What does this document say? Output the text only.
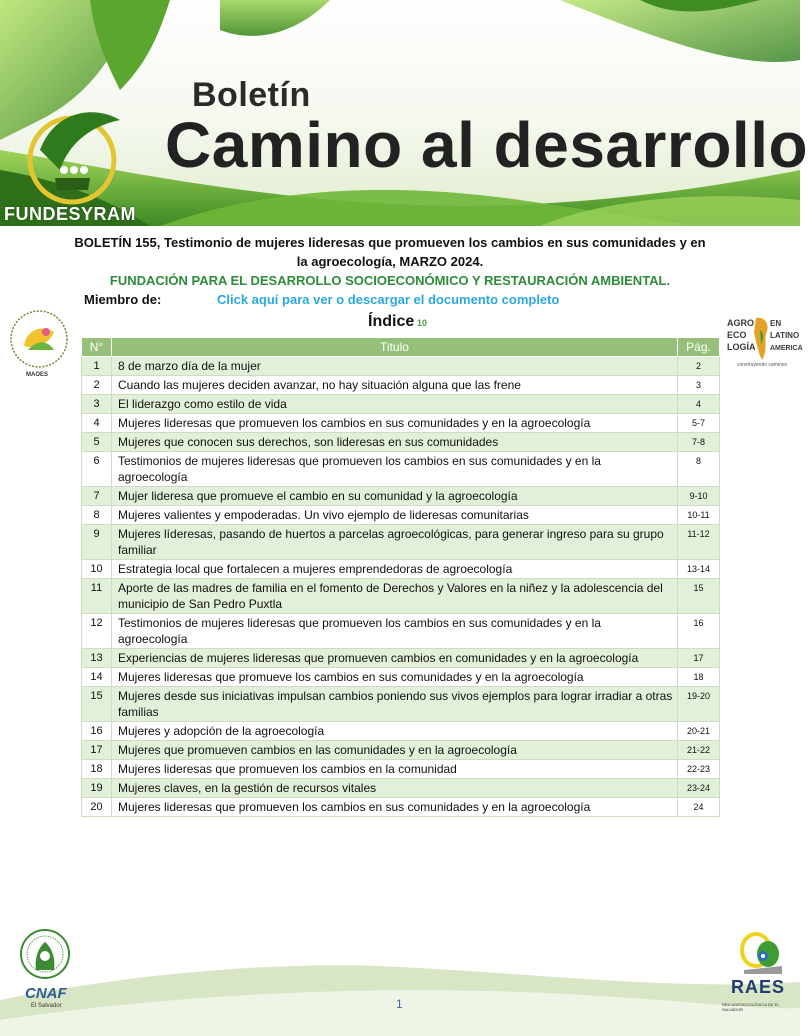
Boletín
Camino al desarrollo
FUNDESYRAM
BOLETÍN 155, Testimonio de mujeres lideresas que promueven los cambios en sus comunidades y en
la agroecología, MARZO 2024.
FUNDACIÓN PARA EL DESARROLLO SOCIOECONÓMICO Y RESTAURACIÓN AMBIENTAL.
Miembro de:	Click aquí para ver o descargar el documento completo
Índice 10
MAOES
AGRO
ECO
LOGÍA
EN
LATINO
AMERICA
construyendo caminos
N°	Titulo	Pág.
1	8 de marzo día de la mujer	2
2	Cuando las mujeres deciden avanzar, no hay situación alguna que las frene	3
3	El liderazgo como estilo de vida	4
4	Mujeres lideresas que promueven los cambios en sus comunidades y en la agroecología	5-7
5	Mujeres que conocen sus derechos, son lideresas en sus comunidades	7-8
6	Testimonios de mujeres lideresas que promueven los cambios en sus comunidades y en la agroecología	8
7	Mujer lideresa que promueve el cambio en su comunidad y la agroecología	9-10
8	Mujeres valientes y empoderadas. Un vivo ejemplo de lideresas comunitarias	10-11
9	Mujeres líderesas, pasando de huertos a parcelas agroecológicas, para generar ingreso para su grupo familiar	11-12
10	Estrategia local que fortalecen a mujeres emprendedoras de agroecología	13-14
11	Aporte de las madres de familia en el fomento de Derechos y Valores en la niñez y la adolescencia del municipio de San Pedro Puxtla	15
12	Testimonios de mujeres lideresas que promueven los cambios en sus comunidades y en la agroecología	16
13	Experiencias de mujeres lideresas que promueven cambios en comunidades y en la agroecología	17
14	Mujeres lideresas que promueve los cambios en sus comunidades y en la agroecología	18
15	Mujeres desde sus iniciativas impulsan cambios poniendo sus vivos ejemplos para lograr irradiar a otras familias	19-20
16	Mujeres y adopción de la agroecología	20-21
17	Mujeres que promueven cambios en las comunidades y en la agroecología	21-22
18	Mujeres lideresas que promueven los cambios en la comunidad	22-23
19	Mujeres claves, en la gestión de recursos vitales	23-24
20	Mujeres lideresas que promueven los cambios en sus comunidades y en la agroecología	24
CNAF
El Salvador	1
RAES
RED AGROECOLÓGICA DE EL SALVADOR
